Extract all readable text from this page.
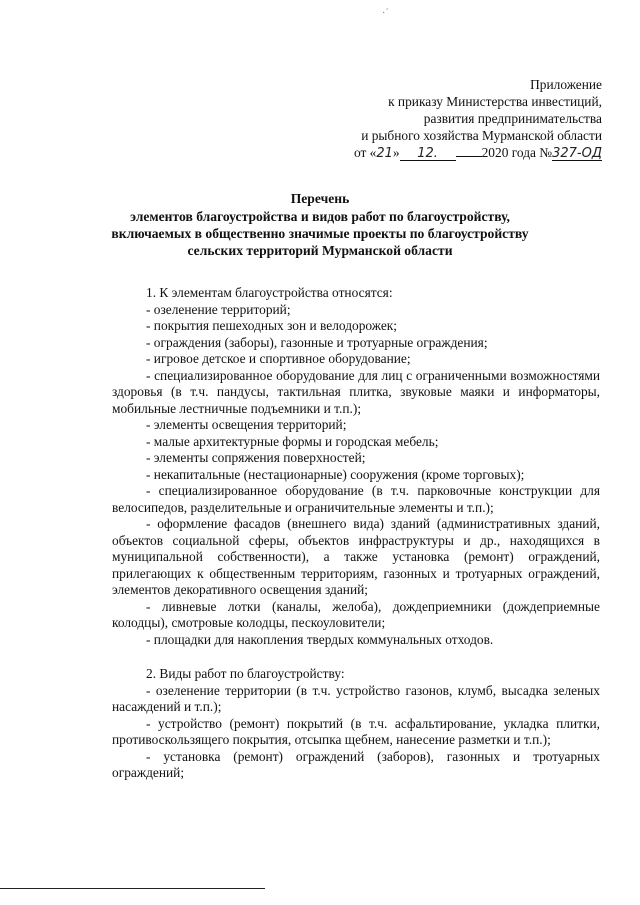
·ˊ
Приложение
к приказу Министерства инвестиций,
развития предпринимательства
и рыбного хозяйства Мурманской области
от «21» 12.	2020 года №327-ОД
Перечень
элементов благоустройства и видов работ по благоустройству,
включаемых в общественно значимые проекты по благоустройству
сельских территорий Мурманской области

1. К элементам благоустройства относятся:

- озеленение территорий;

- покрытия пешеходных зон и велодорожек;

- ограждения (заборы), газонные и тротуарные ограждения;

- игровое детское и спортивное оборудование;

- специализированное оборудование для лиц с ограниченными возможностями здоровья (в т.ч. пандусы, тактильная плитка, звуковые маяки и информаторы, мобильные лестничные подъемники и т.п.);

- элементы освещения территорий;

- малые архитектурные формы и городская мебель;

- элементы сопряжения поверхностей;

- некапитальные (нестационарные) сооружения (кроме торговых);

- специализированное оборудование (в т.ч. парковочные конструкции для велосипедов, разделительные и ограничительные элементы и т.п.);

- оформление фасадов (внешнего вида) зданий (административных зданий, объектов социальной сферы, объектов инфраструктуры и др., находящихся в муниципальной собственности), а также установка (ремонт) ограждений, прилегающих к общественным территориям, газонных и тротуарных ограждений, элементов декоративного освещения зданий;

- ливневые лотки (каналы, желоба), дождеприемники (дождеприемные колодцы), смотровые колодцы, пескоуловители;

- площадки для накопления твердых коммунальных отходов.

2. Виды работ по благоустройству:

- озеленение территории (в т.ч. устройство газонов, клумб, высадка зеленых насаждений и т.п.);

- устройство (ремонт) покрытий (в т.ч. асфальтирование, укладка плитки, противоскользящего покрытия, отсыпка щебнем, нанесение разметки и т.п.);

- установка (ремонт) ограждений (заборов), газонных и тротуарных ограждений;
